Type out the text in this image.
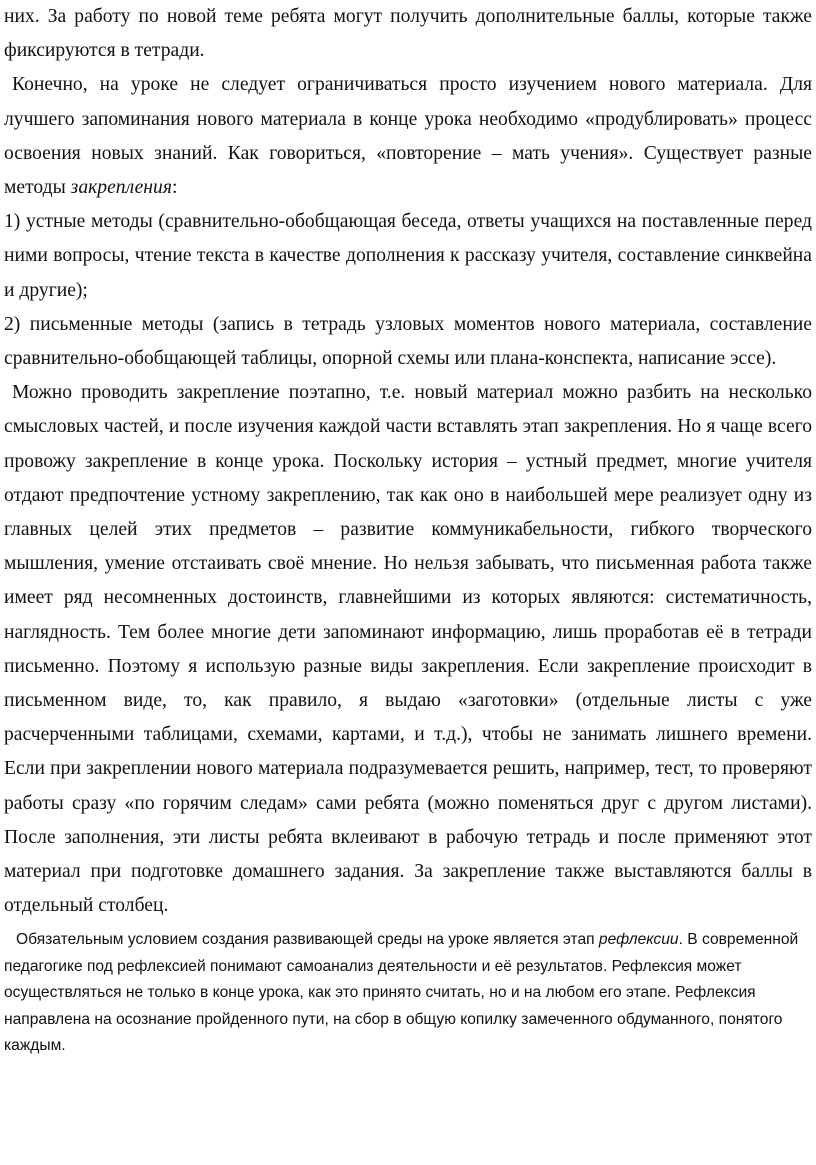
них. За работу по новой теме ребята могут получить дополнительные баллы, которые также фиксируются в тетради.

Конечно, на уроке не следует ограничиваться просто изучением нового материала. Для лучшего запоминания нового материала в конце урока необходимо «продублировать» процесс освоения новых знаний. Как говориться, «повторение – мать учения». Существует разные методы закрепления:

1) устные методы (сравнительно-обобщающая беседа, ответы учащихся на поставленные перед ними вопросы, чтение текста в качестве дополнения к рассказу учителя, составление синквейна и другие);

2) письменные методы (запись в тетрадь узловых моментов нового материала, составление сравнительно-обобщающей таблицы, опорной схемы или плана-конспекта, написание эссе).

Можно проводить закрепление поэтапно, т.е. новый материал можно разбить на несколько смысловых частей, и после изучения каждой части вставлять этап закрепления. Но я чаще всего провожу закрепление в конце урока. Поскольку история – устный предмет, многие учителя отдают предпочтение устному закреплению, так как оно в наибольшей мере реализует одну из главных целей этих предметов – развитие коммуникабельности, гибкого творческого мышления, умение отстаивать своё мнение. Но нельзя забывать, что письменная работа также имеет ряд несомненных достоинств, главнейшими из которых являются: систематичность, наглядность. Тем более многие дети запоминают информацию, лишь проработав её в тетради письменно. Поэтому я использую разные виды закрепления. Если закрепление происходит в письменном виде, то, как правило, я выдаю «заготовки» (отдельные листы с уже расчерченными таблицами, схемами, картами, и т.д.), чтобы не занимать лишнего времени. Если при закреплении нового материала подразумевается решить, например, тест, то проверяют работы сразу «по горячим следам» сами ребята (можно поменяться друг с другом листами). После заполнения, эти листы ребята вклеивают в рабочую тетрадь и после применяют этот материал при подготовке домашнего задания. За закрепление также выставляются баллы в отдельный столбец.

Обязательным условием создания развивающей среды на уроке является этап рефлексии. В современной педагогике под рефлексией понимают самоанализ деятельности и её результатов. Рефлексия может осуществляться не только в конце урока, как это принято считать, но и на любом его этапе. Рефлексия направлена на осознание пройденного пути, на сбор в общую копилку замеченного обдуманного, понятого каждым.
